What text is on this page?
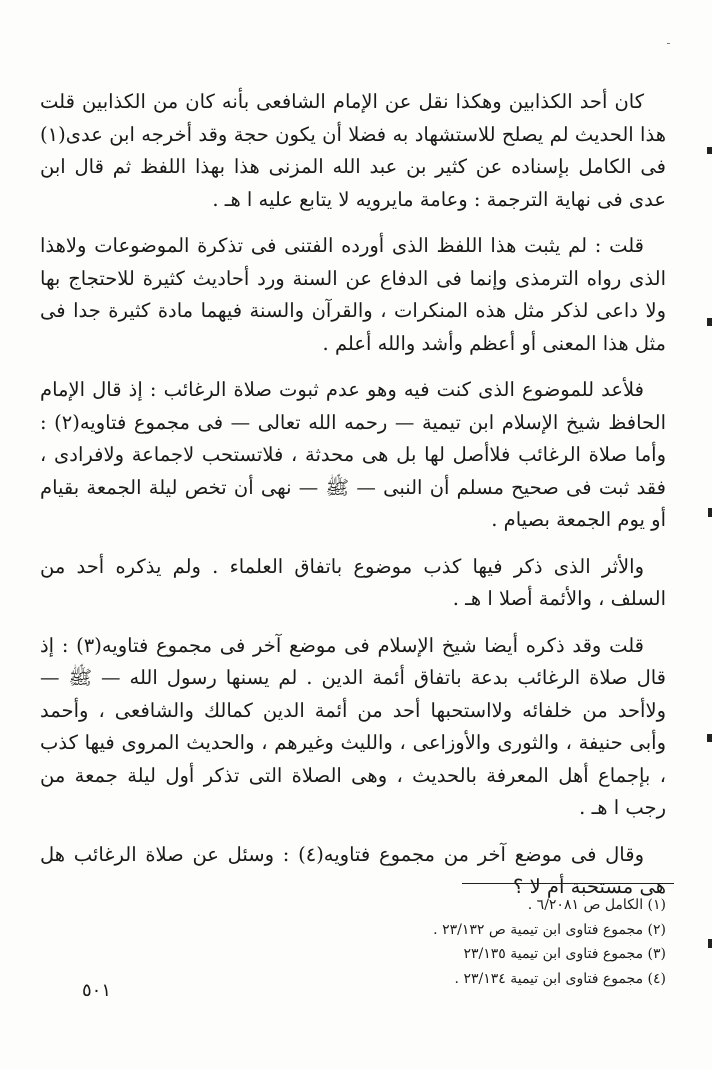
كان أحد الكذابين وهكذا نقل عن الإمام الشافعى بأنه كان من الكذابين قلت هذا الحديث لم يصلح للاستشهاد به فضلا أن يكون حجة وقد أخرجه ابن عدى(١) فى الكامل بإسناده عن كثير بن عبد الله المزنى هذا بهذا اللفظ ثم قال ابن عدى فى نهاية الترجمة : وعامة مايرويه لا يتابع عليه ا هـ .

قلت : لم يثبت هذا اللفظ الذى أورده الفتنى فى تذكرة الموضوعات ولاهذا الذى رواه الترمذى وإنما فى الدفاع عن السنة ورد أحاديث كثيرة للاحتجاج بها ولا داعى لذكر مثل هذه المنكرات ، والقرآن والسنة فيهما مادة كثيرة جدا فى مثل هذا المعنى أو أعظم وأشد والله أعلم .

فلأعد للموضوع الذى كنت فيه وهو عدم ثبوت صلاة الرغائب : إذ قال الإمام الحافظ شيخ الإسلام ابن تيمية — رحمه الله تعالى — فى مجموع فتاويه(٢) : وأما صلاة الرغائب فلاأصل لها بل هى محدثة ، فلاتستحب لاجماعة ولافرادى ، فقد ثبت فى صحيح مسلم أن النبى — ﷺ — نهى أن تخص ليلة الجمعة بقيام أو يوم الجمعة بصيام .

والأثر الذى ذكر فيها كذب موضوع باتفاق العلماء . ولم يذكره أحد من السلف ، والأئمة أصلا ا هـ .

قلت وقد ذكره أيضا شيخ الإسلام فى موضع آخر فى مجموع فتاويه(٣) : إذ قال صلاة الرغائب بدعة باتفاق أئمة الدين . لم يسنها رسول الله — ﷺ — ولاأحد من خلفائه ولااستحبها أحد من أئمة الدين كمالك والشافعى ، وأحمد وأبى حنيفة ، والثورى والأوزاعى ، والليث وغيرهم ، والحديث المروى فيها كذب ، بإجماع أهل المعرفة بالحديث ، وهى الصلاة التى تذكر أول ليلة جمعة من رجب ا هـ .

وقال فى موضع آخر من مجموع فتاويه(٤) : وسئل عن صلاة الرغائب هل هى مستحبة أم لا ؟

(١) الكامل ص ٦/٢٠٨١ .
(٢) مجموع فتاوى ابن تيمية ص ٢٣/١٣٢ .
(٣) مجموع فتاوى ابن تيمية ٢٣/١٣٥
(٤) مجموع فتاوى ابن تيمية ٢٣/١٣٤ .
٥٠١
